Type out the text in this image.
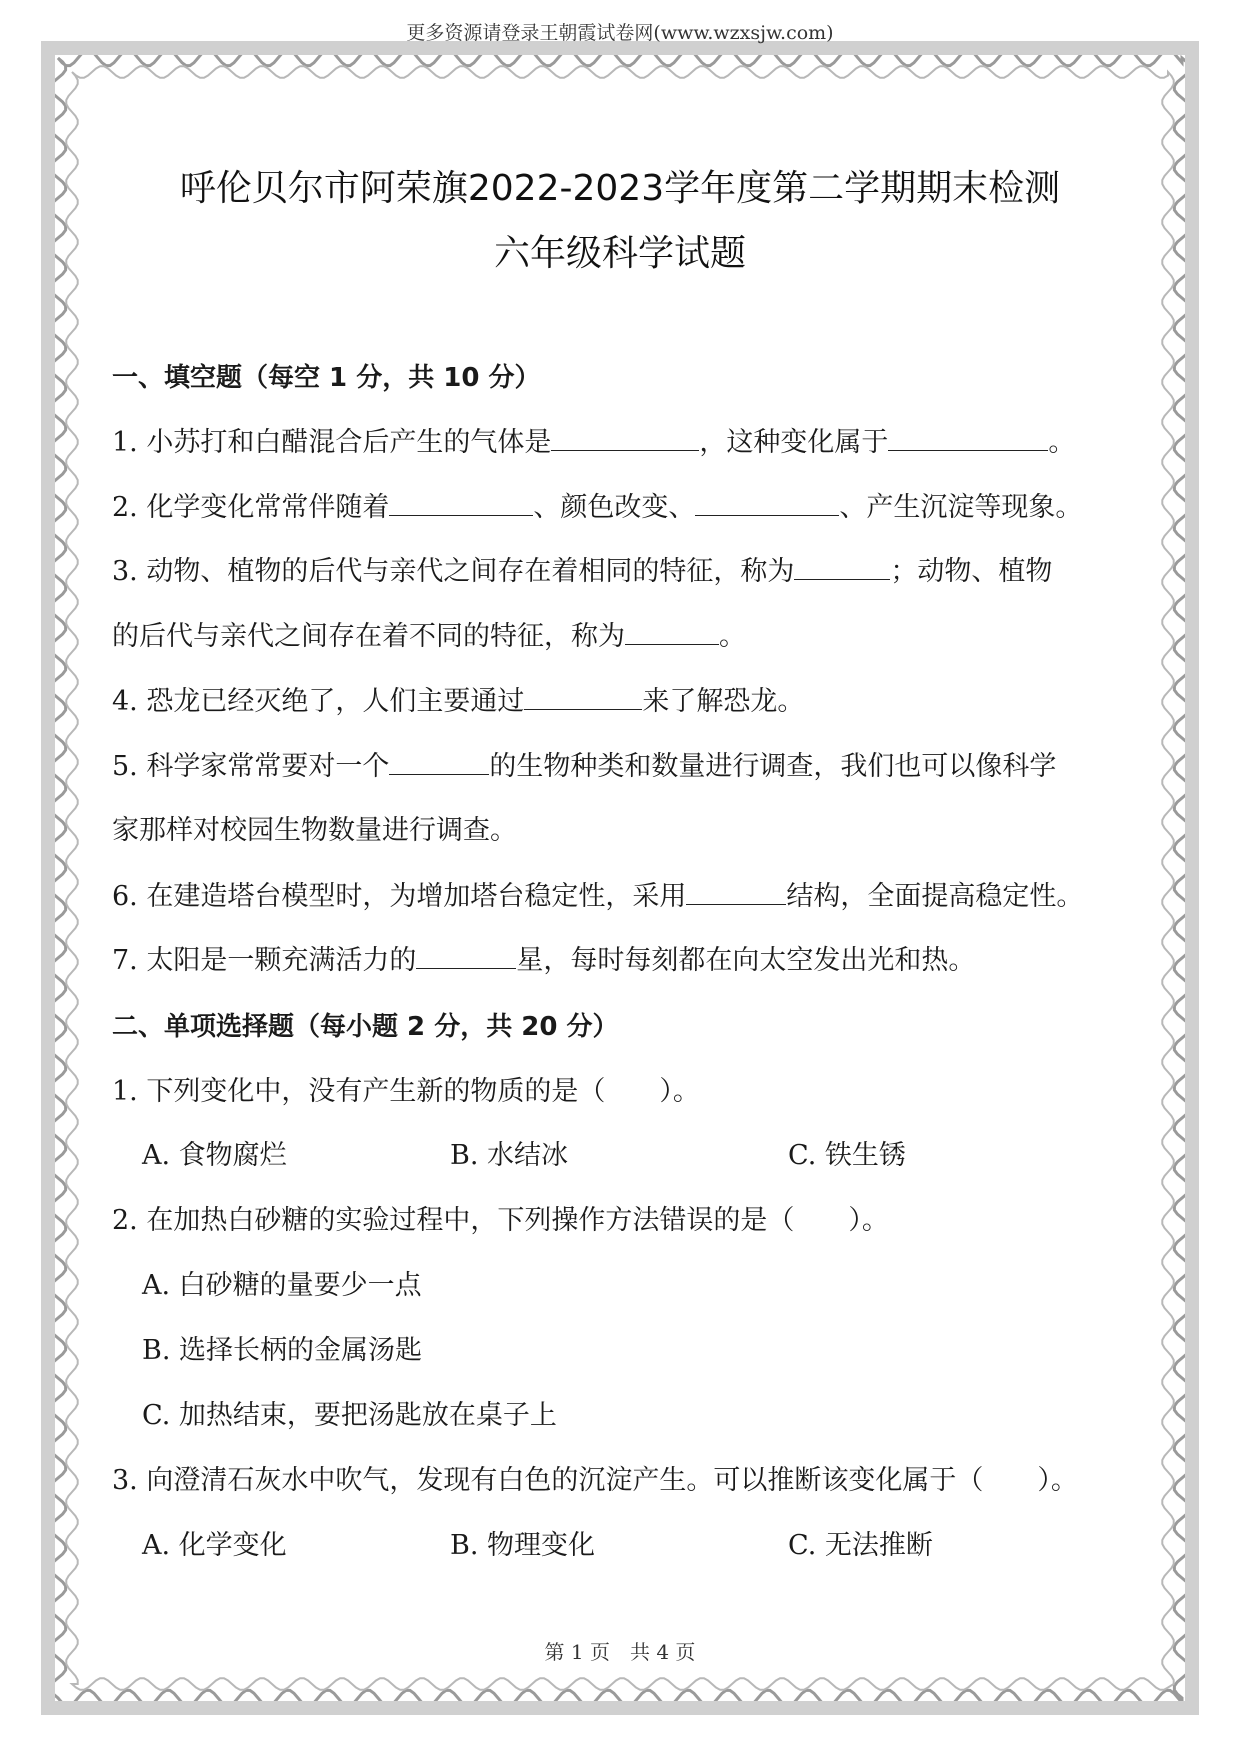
更多资源请登录王朝霞试卷网(www.wzxsjw.com)
呼伦贝尔市阿荣旗2022-2023学年度第二学期期末检测
六年级科学试题
一、填空题（每空 1 分，共 10 分）
1. 小苏打和白醋混合后产生的气体是	，这种变化属于	。
2. 化学变化常常伴随着	、颜色改变、	、产生沉淀等现象。
3. 动物、植物的后代与亲代之间存在着相同的特征，称为	；动物、植物
的后代与亲代之间存在着不同的特征，称为	。
4. 恐龙已经灭绝了，人们主要通过	来了解恐龙。
5. 科学家常常要对一个	的生物种类和数量进行调查，我们也可以像科学
家那样对校园生物数量进行调查。
6. 在建造塔台模型时，为增加塔台稳定性，采用	结构，全面提高稳定性。
7. 太阳是一颗充满活力的	星，每时每刻都在向太空发出光和热。
二、单项选择题（每小题 2 分，共 20 分）
1. 下列变化中，没有产生新的物质的是（　　）。
A. 食物腐烂	B. 水结冰	C. 铁生锈
2. 在加热白砂糖的实验过程中，下列操作方法错误的是（　　）。
A. 白砂糖的量要少一点
B. 选择长柄的金属汤匙
C. 加热结束，要把汤匙放在桌子上
3. 向澄清石灰水中吹气，发现有白色的沉淀产生。可以推断该变化属于（　　）。
A. 化学变化	B. 物理变化	C. 无法推断
第 1 页　共 4 页
